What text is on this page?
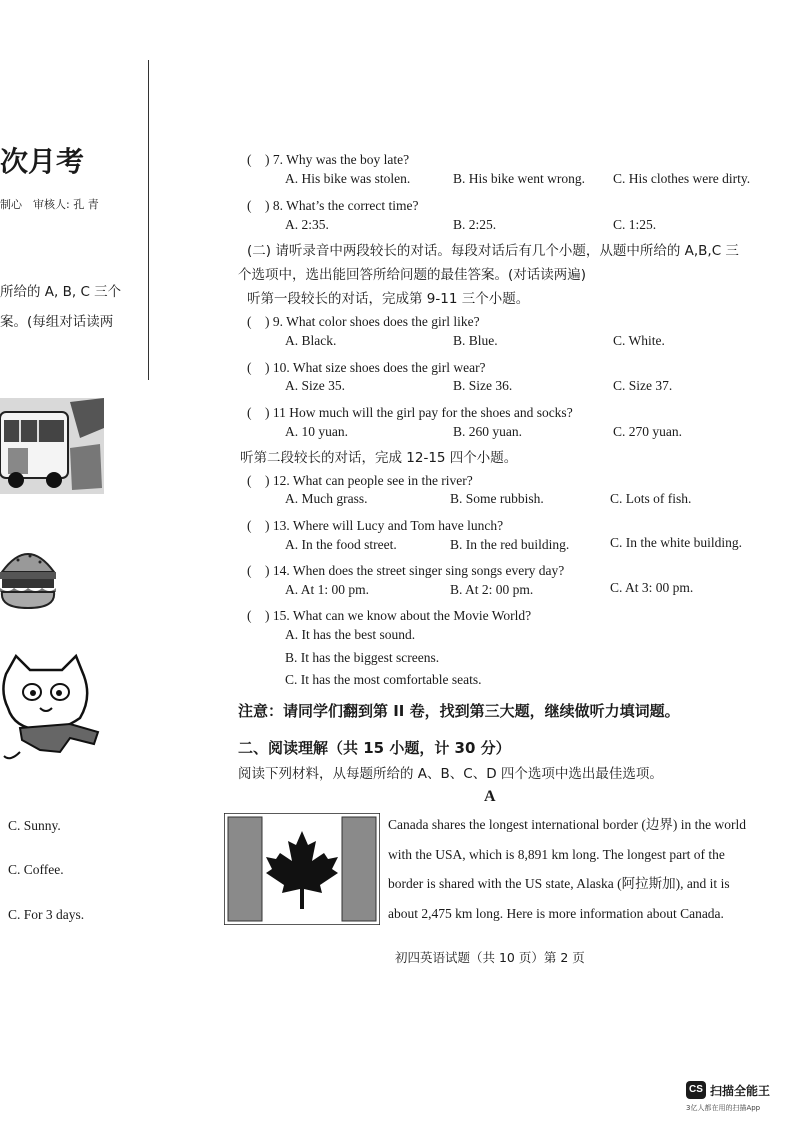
次月考
制心　审核人: 孔 青
所给的 A, B, C 三个
案。(每组对话读两
C. Sunny.
C. Coffee.
C. For 3 days.
(　) 7. Why was the boy late?
A. His bike was stolen.	B. His bike went wrong. C. His clothes were dirty.
(　) 8. What’s the correct time?
A. 2:35.	B. 2:25.	C. 1:25.
(二) 请听录音中两段较长的对话。每段对话后有几个小题，从题中所给的 A,B,C 三
个选项中，选出能回答所给问题的最佳答案。(对话读两遍)
听第一段较长的对话，完成第 9-11 三个小题。
(　) 9. What color shoes does the girl like?
A. Black.	B. Blue.	C. White.
(　) 10. What size shoes does the girl wear?
A. Size 35.	B. Size 36.	C. Size 37.
(　) 11 How much will the girl pay for the shoes and socks?
A. 10 yuan.	B. 260 yuan.	C. 270 yuan.
听第二段较长的对话，完成 12-15 四个小题。
(　) 12. What can people see in the river?
A. Much grass.	B. Some rubbish.	C. Lots of fish.
(　) 13. Where will Lucy and Tom have lunch?
A. In the food street.	B. In the red building.	C. In the white building.
(　) 14. When does the street singer sing songs every day?
A. At 1: 00 pm.	B. At 2: 00 pm.	C. At 3: 00 pm.
(　) 15. What can we know about the Movie World?
A. It has the best sound.
B. It has the biggest screens.
C. It has the most comfortable seats.
注意：请同学们翻到第 II 卷，找到第三大题，继续做听力填词题。
二、阅读理解（共 15 小题，计 30 分）
阅读下列材料，从每题所给的 A、B、C、D 四个选项中选出最佳选项。
A
Canada shares the longest international border (边界) in the world with the USA, which is 8,891 km long. The longest part of the border is shared with the US state, Alaska (阿拉斯加), and it is about 2,475 km long. Here is more information about Canada.
初四英语试题（共 10 页）第 2 页
CS 扫描全能王
3亿人都在用的扫描App
